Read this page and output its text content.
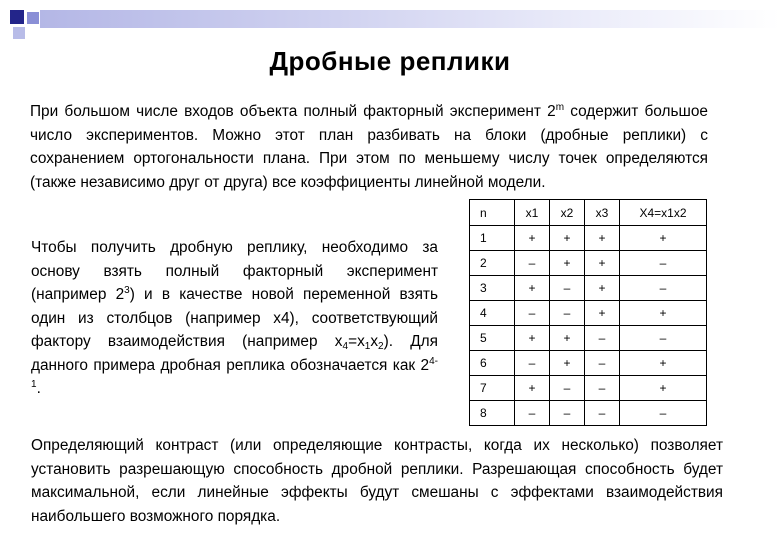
Дробные реплики
При большом числе входов объекта полный факторный эксперимент 2$^m$ содержит большое число экспериментов. Можно этот план разбивать на блоки (дробные реплики) с сохранением ортогональности плана. При этом по меньшему числу точек определяются (также независимо друг от друга) все коэффициенты линейной модели.
Чтобы получить дробную реплику, необходимо за основу взять полный факторный эксперимент (например $2^3$) и в качестве новой переменной взять один из столбцов (например x4), соответствующий фактору взаимодействия (например $x_4=x_1x_2$). Для данного примера дробная реплика обозначается как 2$^{4-1}$.
n	x1	x2	x3	X4=x1x2
1	+	+	+	+
2	–	+	+	–
3	+	–	+	–
4	–	–	+	+
5	+	+	–	–
6	–	+	–	+
7	+	–	–	+
8	–	–	–	–
Определяющий контраст (или определяющие контрасты, когда их несколько) позволяет установить разрешающую способность дробной реплики. Разрешающая способность будет максимальной, если линейные эффекты будут смешаны с эффектами взаимодействия наибольшего возможного порядка.
